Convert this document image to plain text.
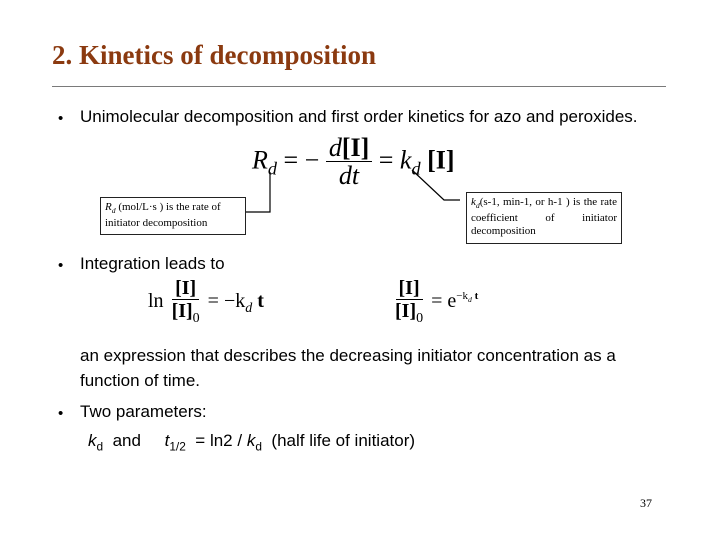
2. Kinetics of decomposition
• Unimolecular decomposition and first order kinetics for azo and peroxides.
$R_d$ = − $\frac{d[I]}{dt} = k_d$ [I]
$R_d$ (mol/L·s ) is the rate of initiator decomposition
$k_d(s-1$, min-1, or h-1 ) is the rate coefficient of initiator decomposition
• Integration leads to
$\ln \frac{[I]}{[I]_0} = -k_d$ t	$\frac{[I]}{[I]_0} = e^{-k_d t}$
an expression that describes the decreasing initiator concentration as a
function of time.
• Two parameters:
$k_d$ and $t_{1/2} = \ln 2 / k_d$ (half life of initiator)
37
